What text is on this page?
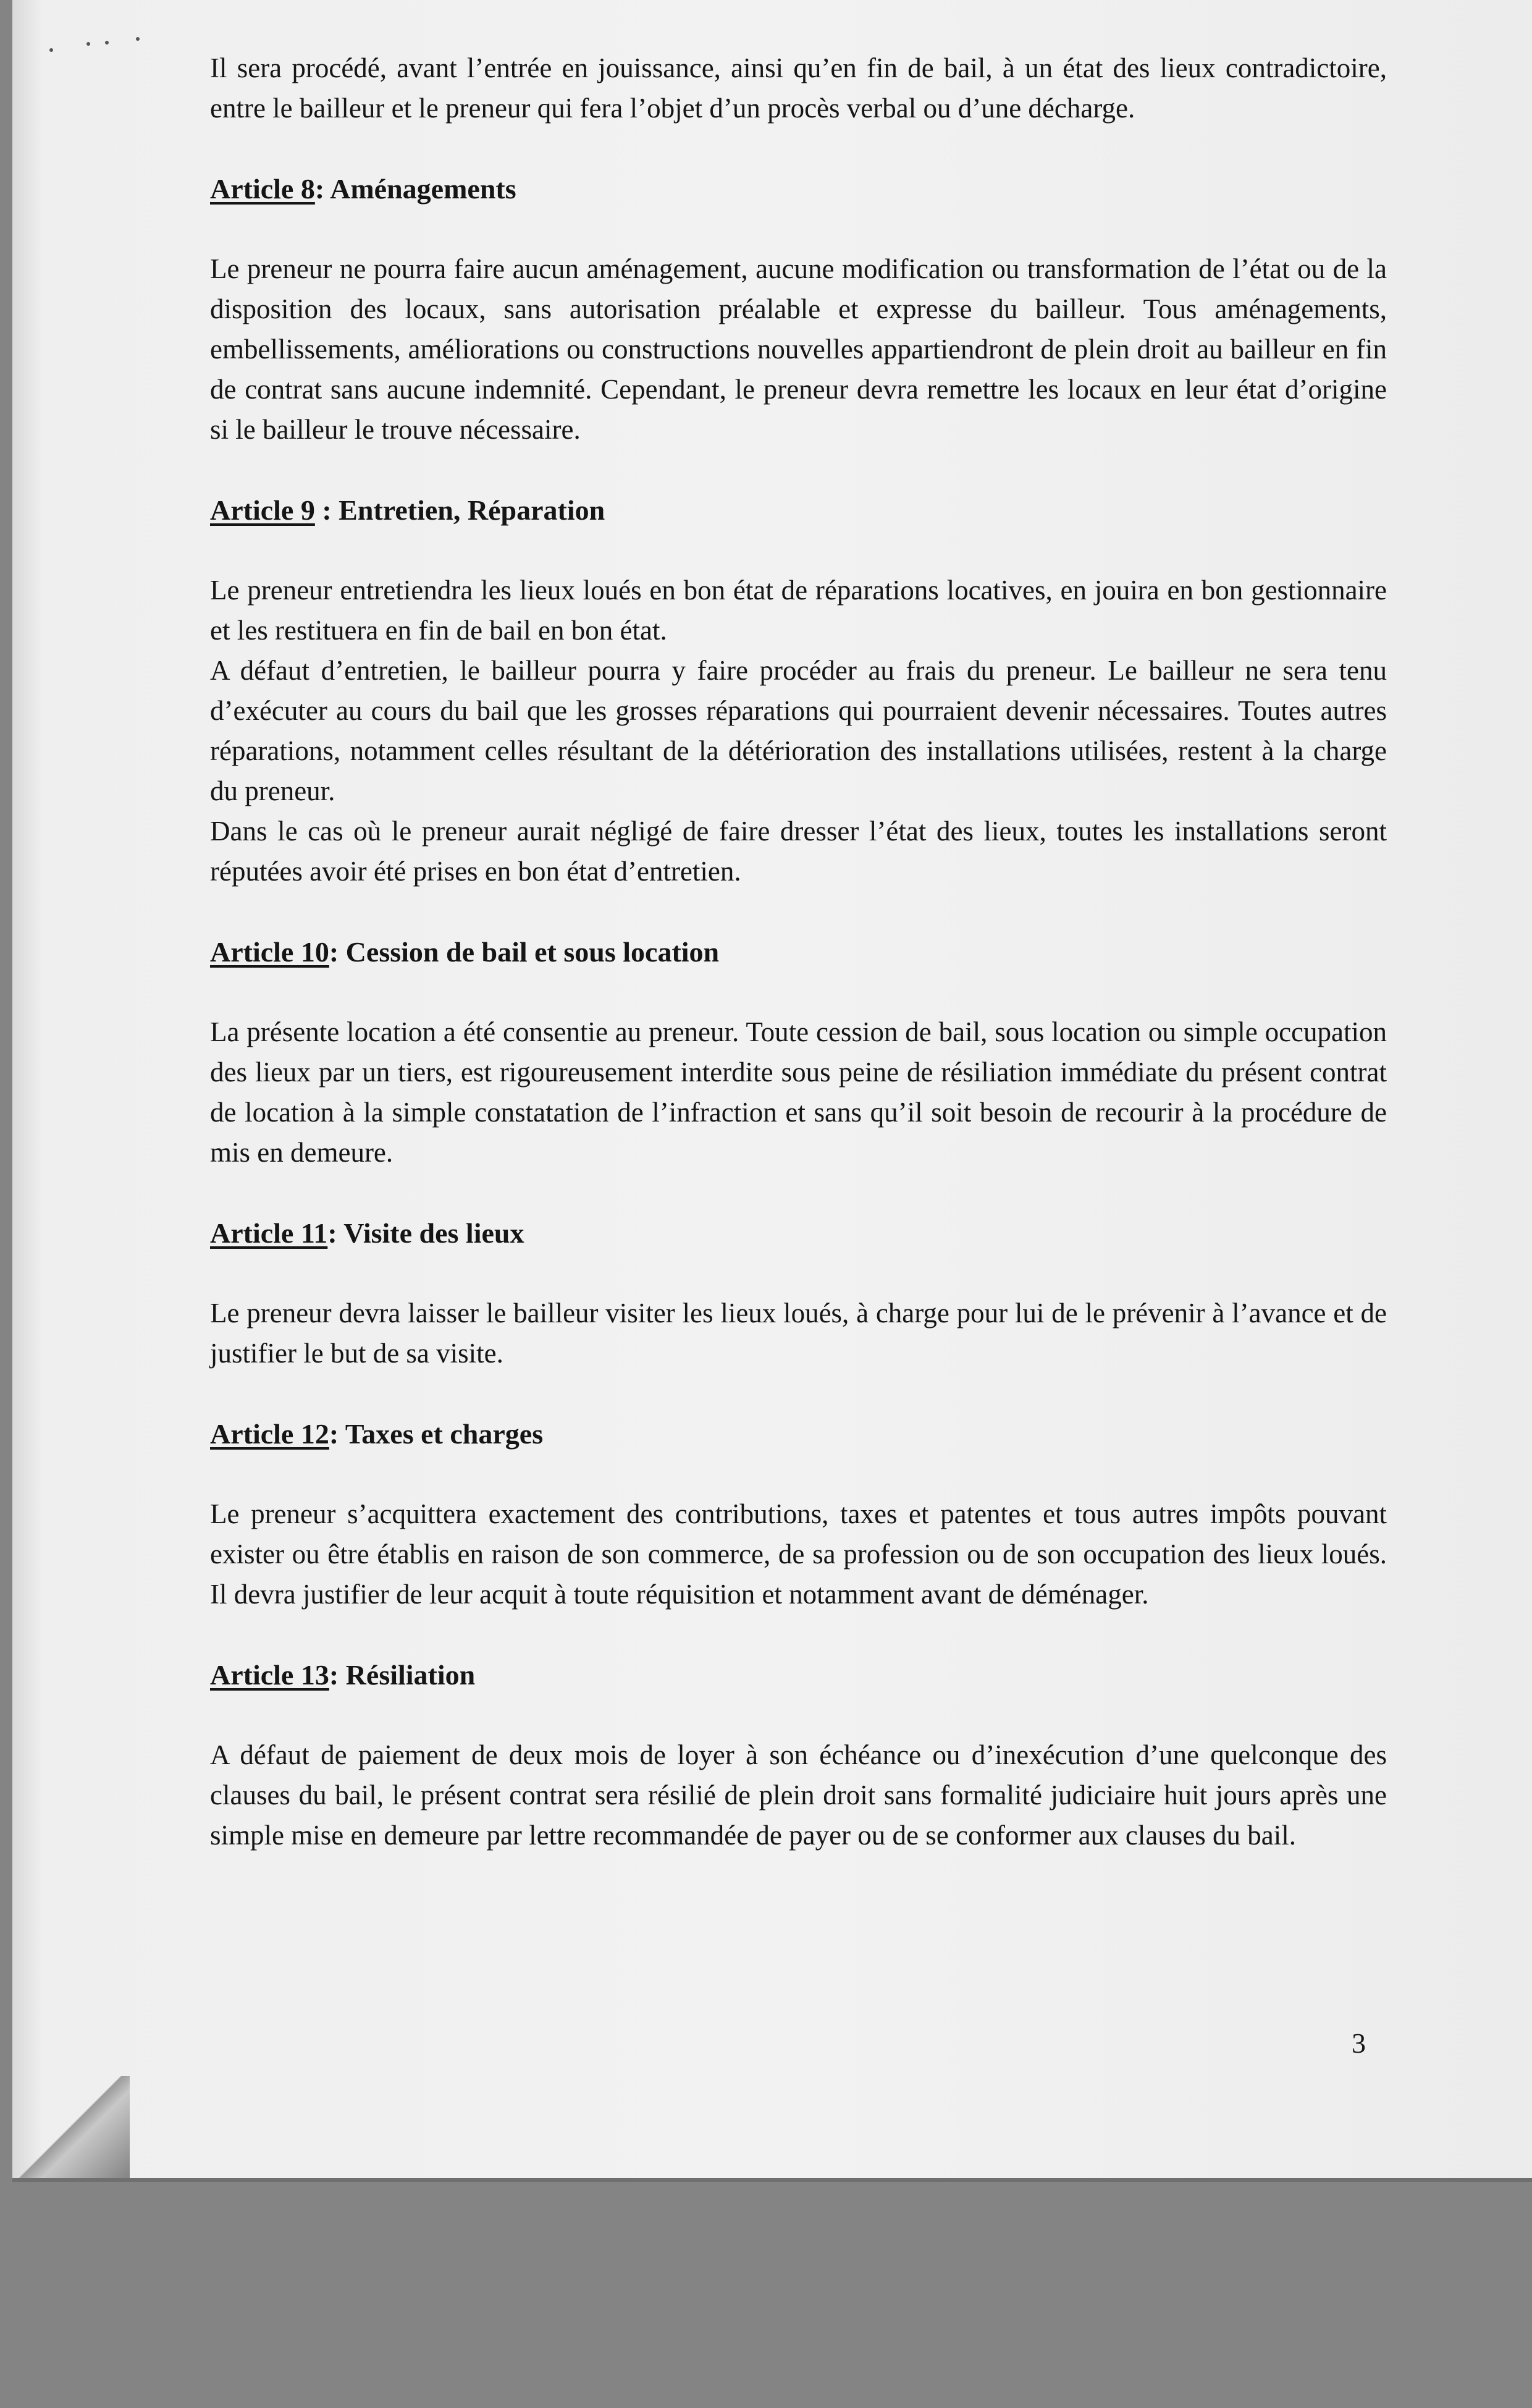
Il sera procédé, avant l’entrée en jouissance, ainsi qu’en fin de bail, à un état des lieux contradictoire, entre le bailleur et le preneur qui fera l’objet d’un procès verbal ou d’une décharge.

Article 8: Aménagements

Le preneur ne pourra faire aucun aménagement, aucune modification ou transformation de l’état ou de la disposition des locaux, sans autorisation préalable et expresse du bailleur. Tous aménagements, embellissements, améliorations ou constructions nouvelles appartiendront de plein droit au bailleur en fin de contrat sans aucune indemnité. Cependant, le preneur devra remettre les locaux en leur état d’origine si le bailleur le trouve nécessaire.

Article 9 : Entretien, Réparation

Le preneur entretiendra les lieux loués en bon état de réparations locatives, en jouira en bon gestionnaire et les restituera en fin de bail en bon état.

A défaut d’entretien, le bailleur pourra y faire procéder au frais du preneur. Le bailleur ne sera tenu d’exécuter au cours du bail que les grosses réparations qui pourraient devenir nécessaires. Toutes autres réparations, notamment celles résultant de la détérioration des installations utilisées, restent à la charge du preneur.

Dans le cas où le preneur aurait négligé de faire dresser l’état des lieux, toutes les installations seront réputées avoir été prises en bon état d’entretien.

Article 10: Cession de bail et sous location

La présente location a été consentie au preneur. Toute cession de bail, sous location ou simple occupation des lieux par un tiers, est rigoureusement interdite sous peine de résiliation immédiate du présent contrat de location à la simple constatation de l’infraction et sans qu’il soit besoin de recourir à la procédure de mis en demeure.

Article 11: Visite des lieux

Le preneur devra laisser le bailleur visiter les lieux loués, à charge pour lui de le prévenir à l’avance et de justifier le but de sa visite.

Article 12: Taxes et charges

Le preneur s’acquittera exactement des contributions, taxes et patentes et tous autres impôts pouvant exister ou être établis en raison de son commerce, de sa profession ou de son occupation des lieux loués. Il devra justifier de leur acquit à toute réquisition et notamment avant de déménager.

Article 13: Résiliation

A défaut de paiement de deux mois de loyer à son échéance ou d’inexécution d’une quelconque des clauses du bail, le présent contrat sera résilié de plein droit sans formalité judiciaire huit jours après une simple mise en demeure par lettre recommandée de payer ou de se conformer aux clauses du bail.

3
